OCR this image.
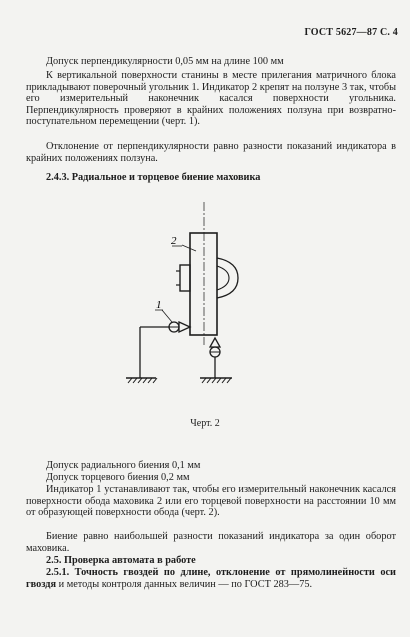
ГОСТ 5627—87 С. 4
Допуск перпендикулярности 0,05 мм на длине 100 мм
К вертикальной поверхности станины в месте прилегания матричного блока прикладывают поверочный угольник 1. Индикатор 2 крепят на ползуне 3 так, чтобы его измерительный наконечник касался поверхности угольника. Перпендикулярность проверяют в крайних положениях ползуна при возвратно-поступательном перемещении (черт. 1).
Отклонение от перпендикулярности равно разности показаний индикатора в крайних положениях ползуна.
2.4.3. Радиальное и торцевое биение маховика
2
1
Черт. 2
Допуск радиального биения 0,1 мм
Допуск торцевого биения 0,2 мм
Индикатор 1 устанавливают так, чтобы его измерительный наконечник касался поверхности обода маховика 2 или его торцевой поверхности на расстоянии 10 мм от образующей поверхности обода (черт. 2).
Биение равно наибольшей разности показаний индикатора за один оборот маховика.
2.5. Проверка автомата в работе
2.5.1. Точность гвоздей по длине, отклонение от прямолинейности оси гвоздя и методы контроля данных величин — по ГОСТ 283—75.
